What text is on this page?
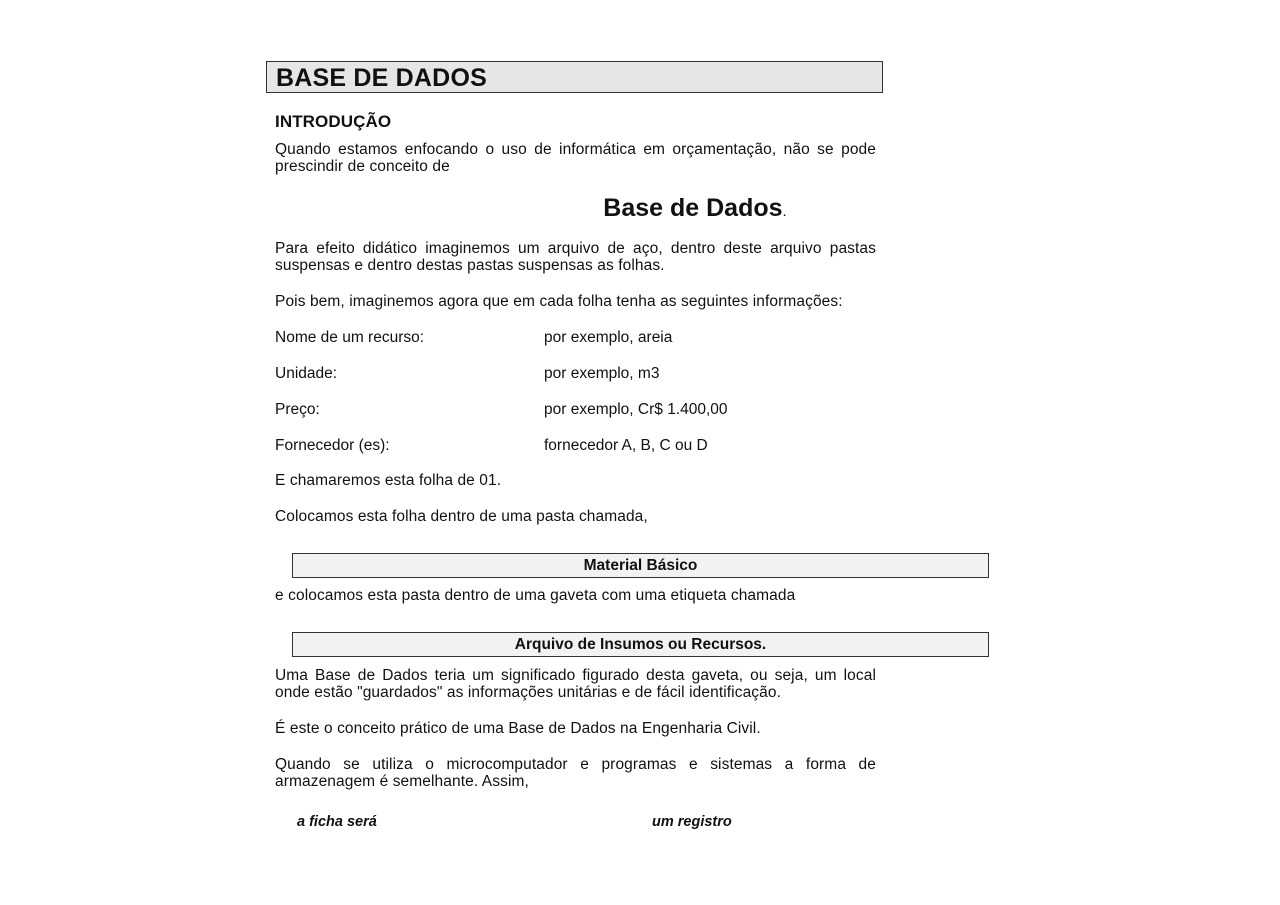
BASE DE DADOS
INTRODUÇÃO
Quando estamos enfocando o uso de informática em orçamentação, não se pode prescindir de conceito de
Base de Dados.
Para efeito didático imaginemos um arquivo de aço, dentro deste arquivo pastas suspensas e dentro destas pastas suspensas as folhas.
Pois bem, imaginemos agora que em cada folha tenha as seguintes informações:
Nome de um recurso:	por exemplo, areia
Unidade:	por exemplo, m3
Preço:	por exemplo, Cr$ 1.400,00
Fornecedor (es):	fornecedor A, B, C ou D
E chamaremos esta folha de 01.
Colocamos esta folha dentro de uma pasta chamada,
Material Básico
e colocamos esta pasta dentro de uma gaveta com uma etiqueta chamada
Arquivo de Insumos ou Recursos.
Uma Base de Dados teria um significado figurado desta gaveta, ou seja, um local onde estão "guardados" as informações unitárias e de fácil identificação.
É este o conceito prático de uma Base de Dados na Engenharia Civil.
Quando se utiliza o microcomputador e programas e sistemas a forma de armazenagem é semelhante. Assim,
a ficha será	um registro
